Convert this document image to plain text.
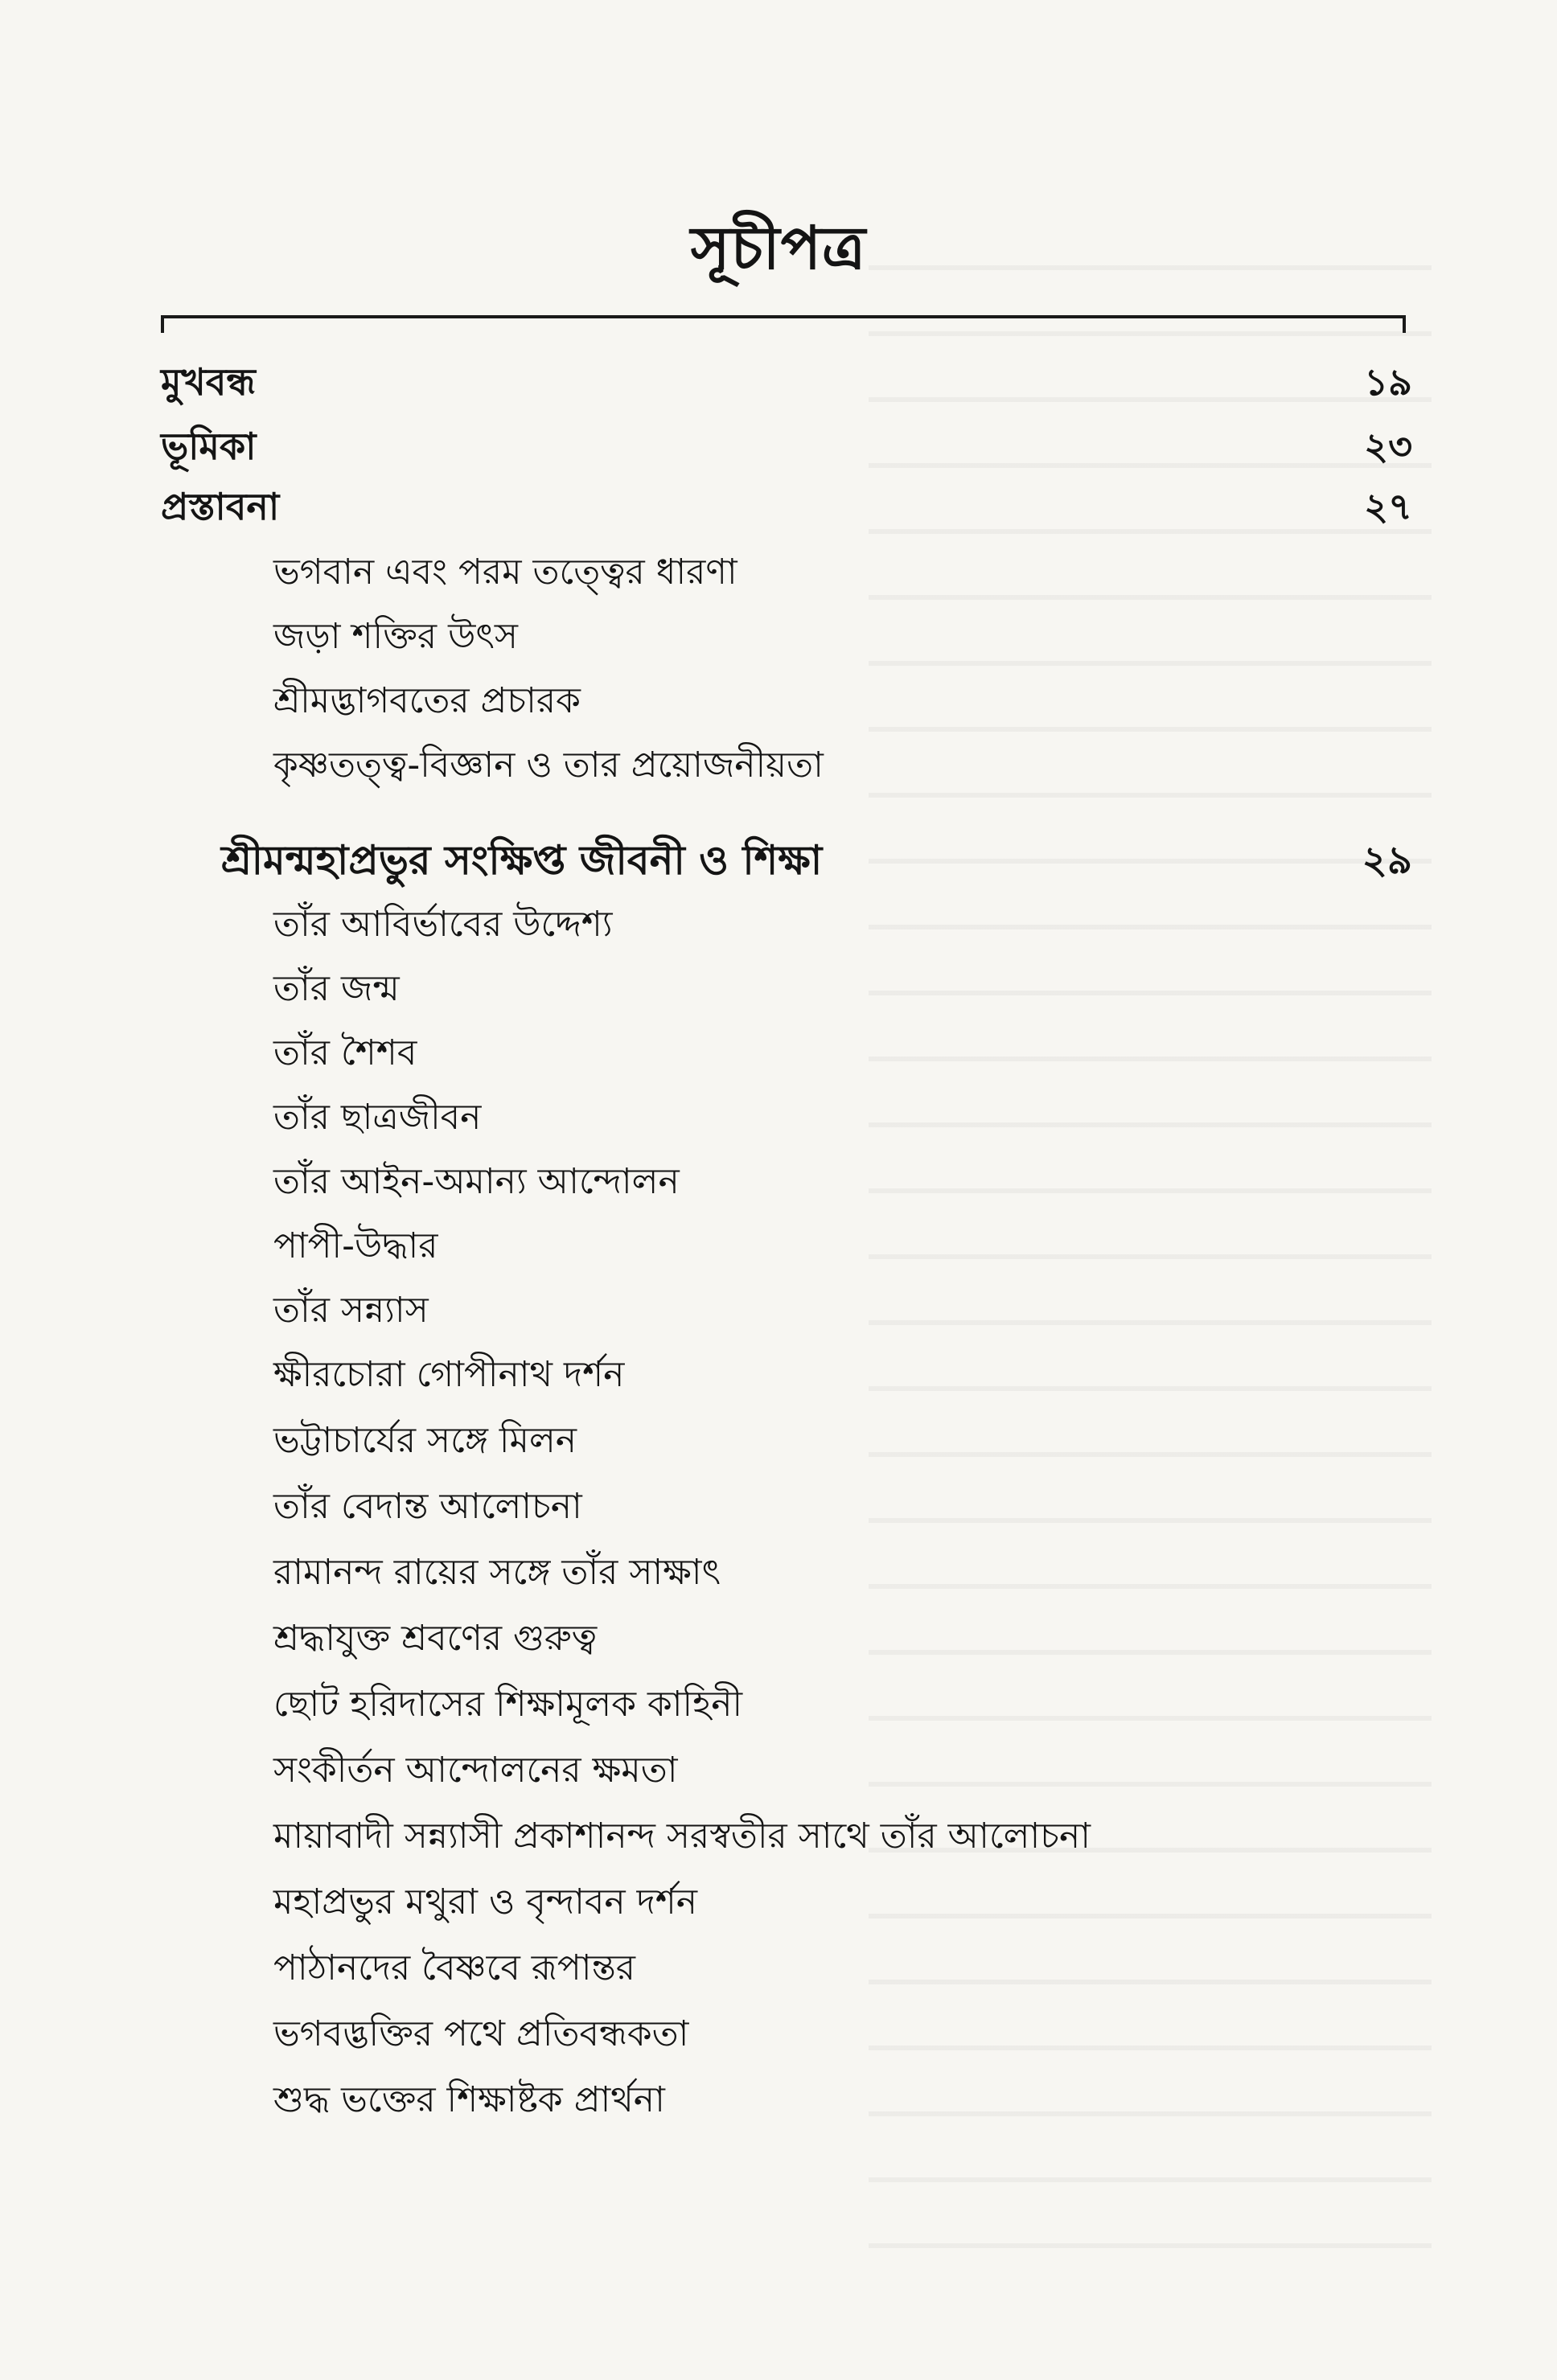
সূচীপত্র
মুখবন্ধ	১৯
ভূমিকা	২৩
প্রস্তাবনা	২৭
ভগবান এবং পরম তত্ত্বের ধারণা
জড়া শক্তির উৎস
শ্রীমদ্ভাগবতের প্রচারক
কৃষ্ণতত্ত্ব-বিজ্ঞান ও তার প্রয়োজনীয়তা
শ্রীমন্মহাপ্রভুর সংক্ষিপ্ত জীবনী ও শিক্ষা	২৯
তাঁর আবির্ভাবের উদ্দেশ্য
তাঁর জন্ম
তাঁর শৈশব
তাঁর ছাত্রজীবন
তাঁর আইন-অমান্য আন্দোলন
পাপী-উদ্ধার
তাঁর সন্ন্যাস
ক্ষীরচোরা গোপীনাথ দর্শন
ভট্টাচার্যের সঙ্গে মিলন
তাঁর বেদান্ত আলোচনা
রামানন্দ রায়ের সঙ্গে তাঁর সাক্ষাৎ
শ্রদ্ধাযুক্ত শ্রবণের গুরুত্ব
ছোট হরিদাসের শিক্ষামূলক কাহিনী
সংকীর্তন আন্দোলনের ক্ষমতা
মায়াবাদী সন্ন্যাসী প্রকাশানন্দ সরস্বতীর সাথে তাঁর আলোচনা
মহাপ্রভুর মথুরা ও বৃন্দাবন দর্শন
পাঠানদের বৈষ্ণবে রূপান্তর
ভগবদ্ভক্তির পথে প্রতিবন্ধকতা
শুদ্ধ ভক্তের শিক্ষাষ্টক প্রার্থনা
